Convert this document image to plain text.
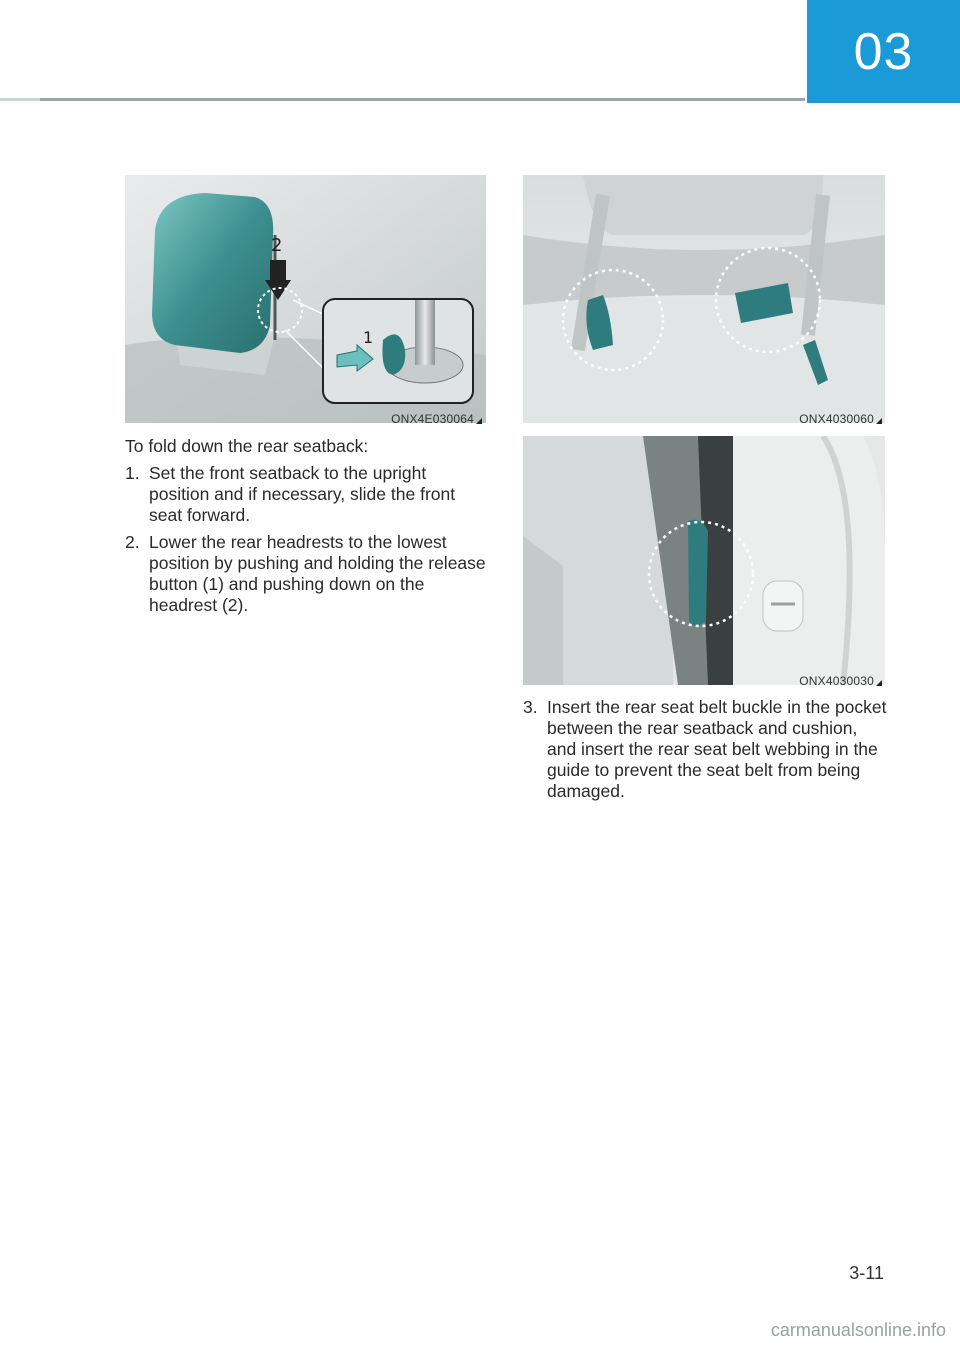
03
2
1
ONX4E030064	ONX4030060
ONX4030030

To fold down the rear seatback:

1. Set the front seatback to the upright position and if necessary, slide the front seat forward.
2. Lower the rear headrests to the lowest position by pushing and holding the release button (1) and pushing down on the headrest (2).
3. Insert the rear seat belt buckle in the pocket between the rear seatback and cushion, and insert the rear seat belt webbing in the guide to prevent the seat belt from being damaged.
3-11
carmanualsonline.info
